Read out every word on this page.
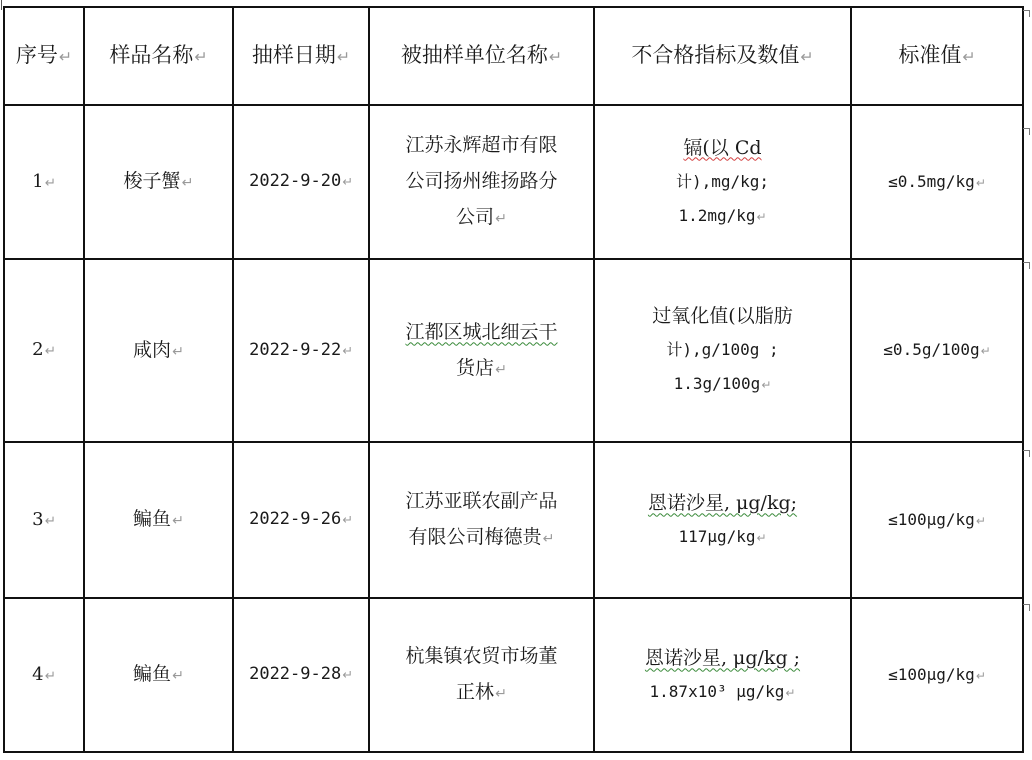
序号↵	样品名称↵	抽样日期↵	被抽样单位名称↵	不合格指标及数值↵	标准值↵
1↵	梭子蟹↵	2022-9-20↵	江苏永辉超市有限
公司扬州维扬路分
公司↵	镉(以 Cd
计),mg/kg;
1.2mg/kg↵	≤0.5mg/kg↵
2↵	咸肉↵	2022-9-22↵	江都区城北细云干
货店↵	过氧化值(以脂肪
计),g/100g ;
1.3g/100g↵	≤0.5g/100g↵
3↵	鳊鱼↵	2022-9-26↵	江苏亚联农副产品
有限公司梅德贵↵	恩诺沙星, μg/kg;
117μg/kg↵	≤100μg/kg↵
4↵	鳊鱼↵	2022-9-28↵	杭集镇农贸市场董
正林↵	恩诺沙星, μg/kg ;
1.87x10³ μg/kg↵	≤100μg/kg↵
